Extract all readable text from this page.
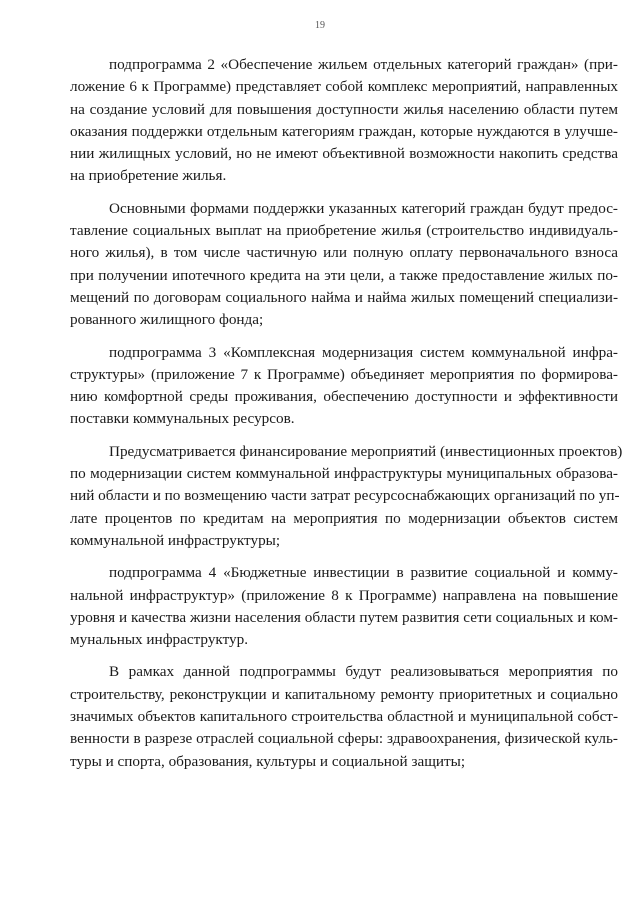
19

подпрограмма 2 «Обеспечение жильем отдельных категорий граждан» (при-
ложение 6 к Программе) представляет собой комплекс мероприятий, направленных
на создание условий для повышения доступности жилья населению области путем
оказания поддержки отдельным категориям граждан, которые нуждаются в улучше-
нии жилищных условий, но не имеют объективной возможности накопить средства
на приобретение жилья.

Основными формами поддержки указанных категорий граждан будут предос-
тавление социальных выплат на приобретение жилья (строительство индивидуаль-
ного жилья), в том числе частичную или полную оплату первоначального взноса
при получении ипотечного кредита на эти цели, а также предоставление жилых по-
мещений по договорам социального найма и найма жилых помещений специализи-
рованного жилищного фонда;

подпрограмма 3 «Комплексная модернизация систем коммунальной инфра-
структуры» (приложение 7 к Программе) объединяет мероприятия по формирова-
нию комфортной среды проживания, обеспечению доступности и эффективности
поставки коммунальных ресурсов.

Предусматривается финансирование мероприятий (инвестиционных проектов)
по модернизации систем коммунальной инфраструктуры муниципальных образова-
ний области и по возмещению части затрат ресурсоснабжающих организаций по уп-
лате процентов по кредитам на мероприятия по модернизации объектов систем
коммунальной инфраструктуры;

подпрограмма 4 «Бюджетные инвестиции в развитие социальной и комму-
нальной инфраструктур» (приложение 8 к Программе) направлена на повышение
уровня и качества жизни населения области путем развития сети социальных и ком-
мунальных инфраструктур.

В рамках данной подпрограммы будут реализовываться мероприятия по
строительству, реконструкции и капитальному ремонту приоритетных и социально
значимых объектов капитального строительства областной и муниципальной собст-
венности в разрезе отраслей социальной сферы: здравоохранения, физической куль-
туры и спорта, образования, культуры и социальной защиты;
